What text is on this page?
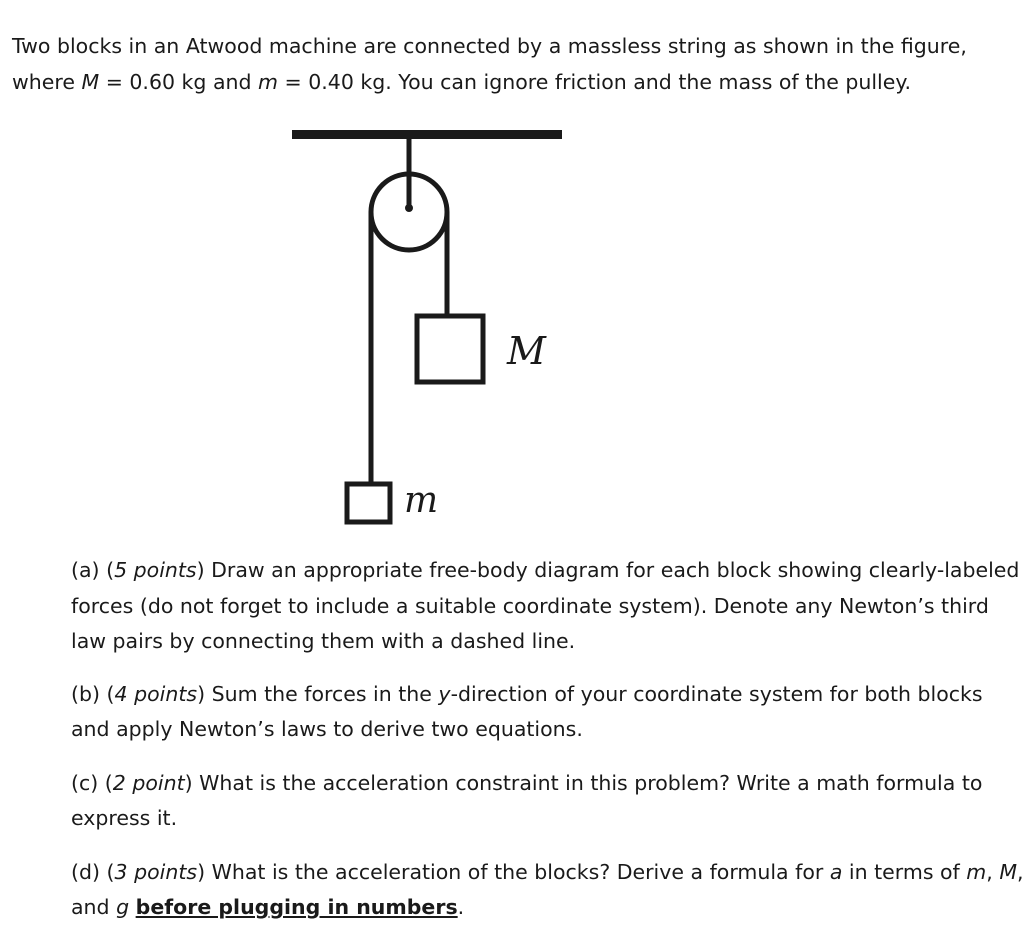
Two blocks in an Atwood machine are connected by a massless string as shown in the figure,
where M = 0.60 kg and m = 0.40 kg. You can ignore friction and the mass of the pulley.

M
m

(a) (5 points) Draw an appropriate free-body diagram for each block showing clearly-labeled
forces (do not forget to include a suitable coordinate system). Denote any Newton’s third
law pairs by connecting them with a dashed line.

(b) (4 points) Sum the forces in the y-direction of your coordinate system for both blocks
and apply Newton’s laws to derive two equations.

(c) (2 point) What is the acceleration constraint in this problem? Write a math formula to
express it.

(d) (3 points) What is the acceleration of the blocks? Derive a formula for a in terms of m, M,
and g before plugging in numbers.
